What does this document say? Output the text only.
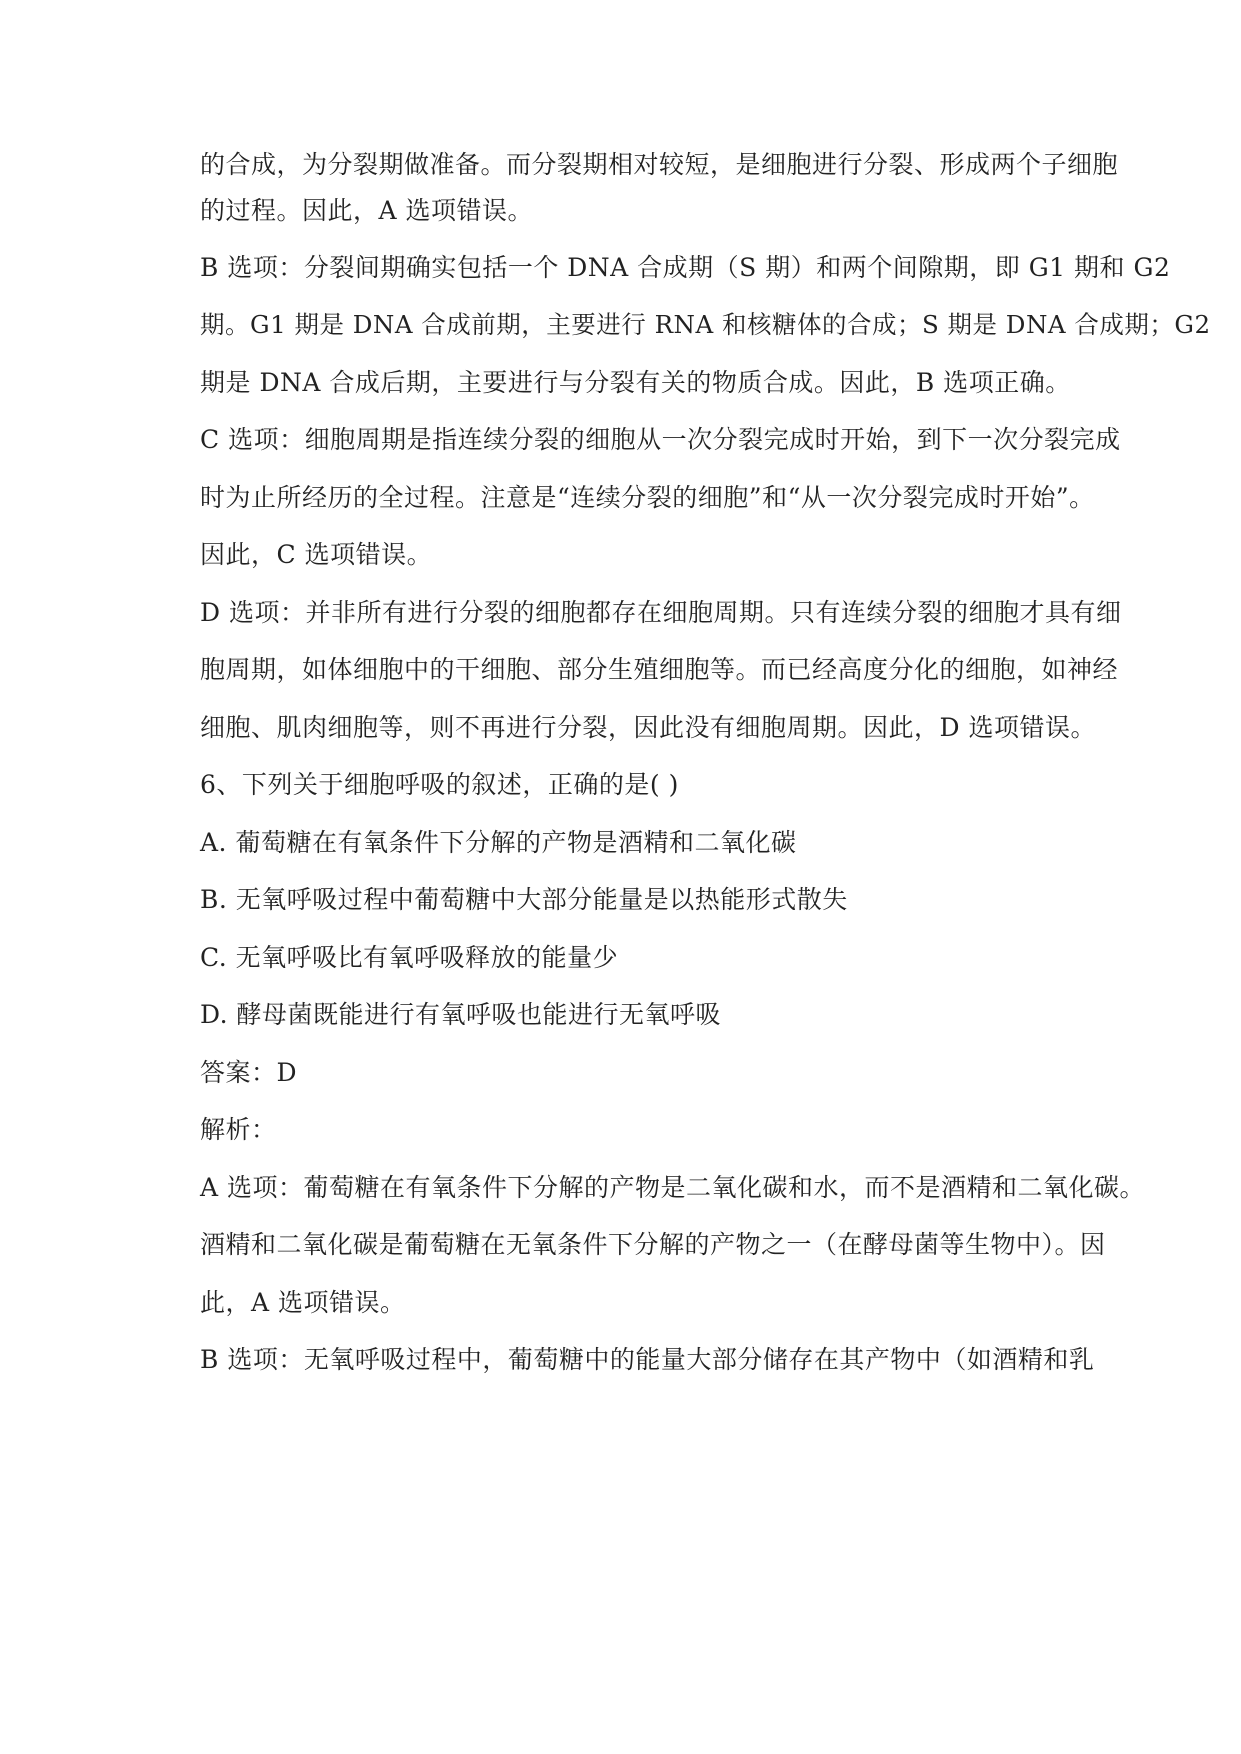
的合成，为分裂期做准备。而分裂期相对较短，是细胞进行分裂、形成两个子细胞
的过程。因此，A 选项错误。
B 选项：分裂间期确实包括一个 DNA 合成期（S 期）和两个间隙期，即 G1 期和 G2
期。G1 期是 DNA 合成前期，主要进行 RNA 和核糖体的合成；S 期是 DNA 合成期；G2
期是 DNA 合成后期，主要进行与分裂有关的物质合成。因此，B 选项正确。
C 选项：细胞周期是指连续分裂的细胞从一次分裂完成时开始，到下一次分裂完成
时为止所经历的全过程。注意是“连续分裂的细胞”和“从一次分裂完成时开始”。
因此，C 选项错误。
D 选项：并非所有进行分裂的细胞都存在细胞周期。只有连续分裂的细胞才具有细
胞周期，如体细胞中的干细胞、部分生殖细胞等。而已经高度分化的细胞，如神经
细胞、肌肉细胞等，则不再进行分裂，因此没有细胞周期。因此，D 选项错误。
6、下列关于细胞呼吸的叙述，正确的是( )
A. 葡萄糖在有氧条件下分解的产物是酒精和二氧化碳
B. 无氧呼吸过程中葡萄糖中大部分能量是以热能形式散失
C. 无氧呼吸比有氧呼吸释放的能量少
D. 酵母菌既能进行有氧呼吸也能进行无氧呼吸
答案：D
解析：
A 选项：葡萄糖在有氧条件下分解的产物是二氧化碳和水，而不是酒精和二氧化碳。
酒精和二氧化碳是葡萄糖在无氧条件下分解的产物之一（在酵母菌等生物中）。因
此，A 选项错误。
B 选项：无氧呼吸过程中，葡萄糖中的能量大部分储存在其产物中（如酒精和乳
